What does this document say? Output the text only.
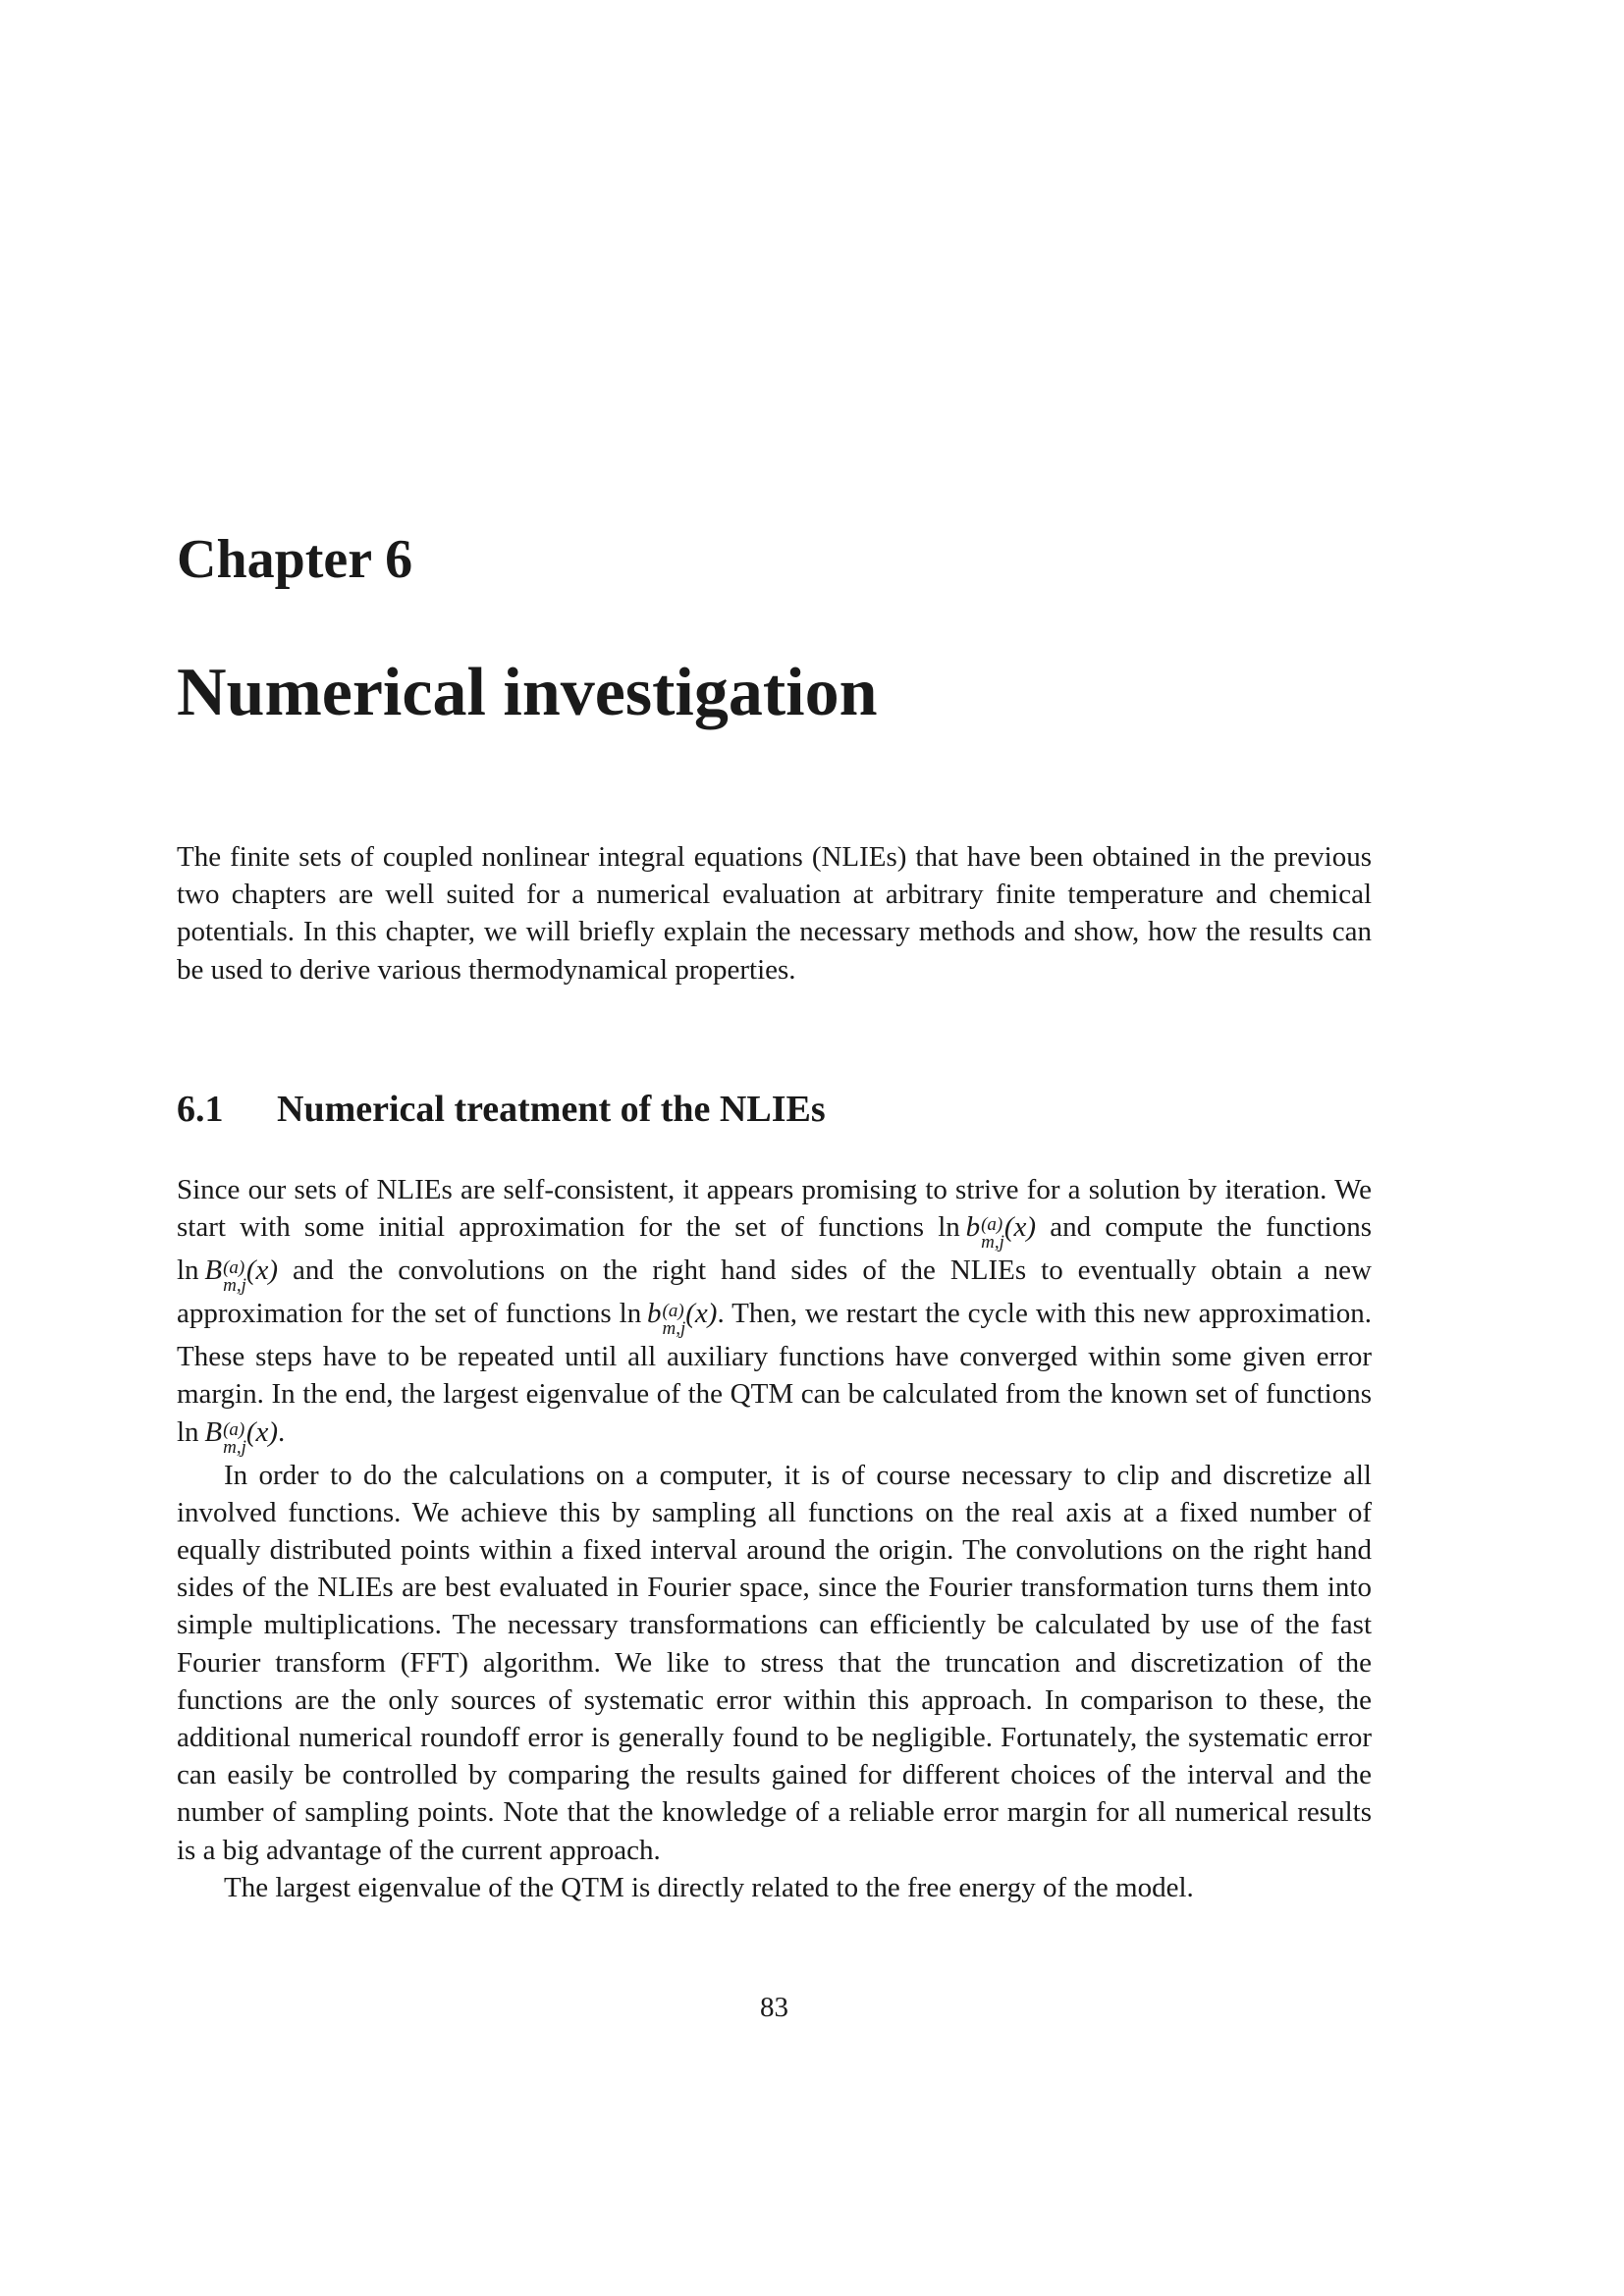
Chapter 6
Numerical investigation

The finite sets of coupled nonlinear integral equations (NLIEs) that have been obtained in the previous two chapters are well suited for a numerical evaluation at arbitrary finite temperature and chemical potentials. In this chapter, we will briefly explain the necessary methods and show, how the results can be used to derive various thermodynamical properties.

6.1 Numerical treatment of the NLIEs

Since our sets of NLIEs are self-consistent, it appears promising to strive for a solution by iteration. We start with some initial approximation for the set of functions ln  b (a)
m,j (x) and compute the functions ln  B (a)
m,j (x) and the convolutions on the right hand sides of the NLIEs to eventually obtain a new approximation for the set of functions ln  b (a)
m,j (x). Then, we restart the cycle with this new approximation. These steps have to be repeated until all auxiliary functions have converged within some given error margin. In the end, the largest eigenvalue of the QTM can be calculated from the known set of functions ln  B (a)
m,j (x).

In order to do the calculations on a computer, it is of course necessary to clip and discretize all involved functions. We achieve this by sampling all functions on the real axis at a fixed number of equally distributed points within a fixed interval around the origin. The convolutions on the right hand sides of the NLIEs are best evaluated in Fourier space, since the Fourier transformation turns them into simple multiplications. The necessary transformations can efficiently be calculated by use of the fast Fourier transform (FFT) algorithm. We like to stress that the truncation and discretization of the functions are the only sources of systematic error within this approach. In comparison to these, the additional numerical roundoff error is generally found to be negligible. Fortunately, the systematic error can easily be controlled by comparing the results gained for different choices of the interval and the number of sampling points. Note that the knowledge of a reliable error margin for all numerical results is a big advantage of the current approach.

The largest eigenvalue of the QTM is directly related to the free energy of the model.

83
